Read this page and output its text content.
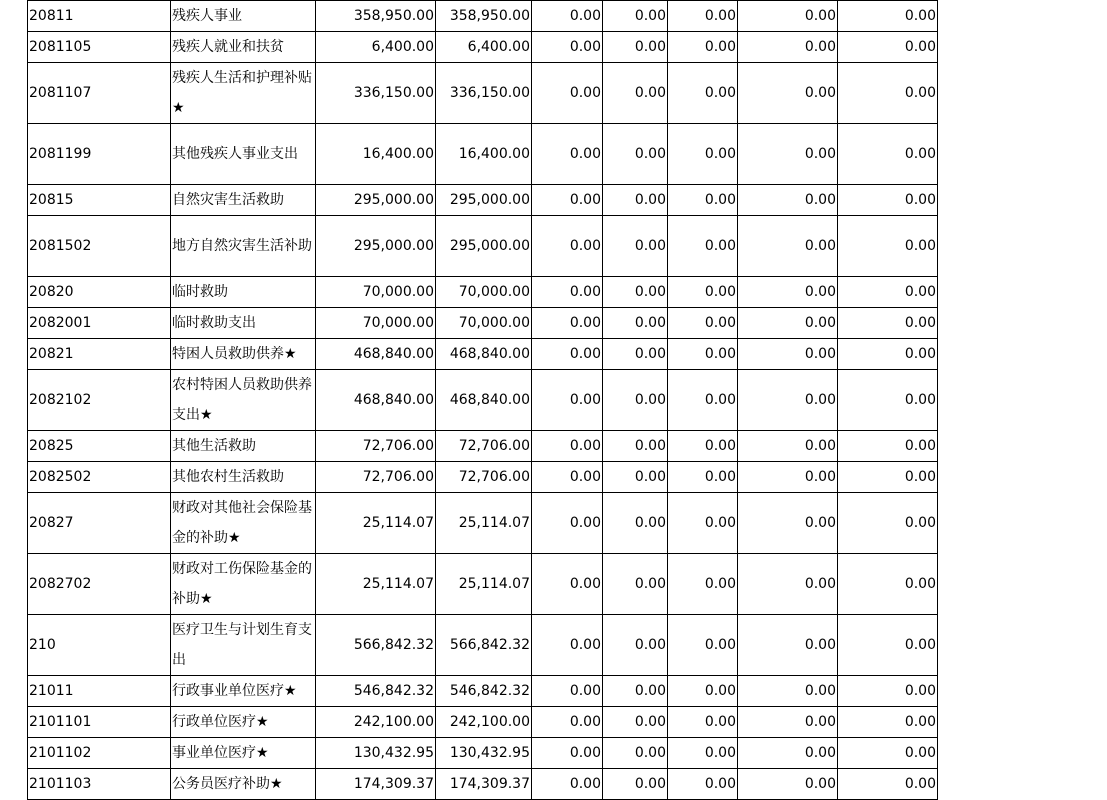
20811	残疾人事业	358,950.00	358,950.00	0.00	0.00	0.00	0.00	0.00
2081105	残疾人就业和扶贫	6,400.00	6,400.00	0.00	0.00	0.00	0.00	0.00
2081107	残疾人生活和护理补贴★	336,150.00	336,150.00	0.00	0.00	0.00	0.00	0.00
2081199	其他残疾人事业支出	16,400.00	16,400.00	0.00	0.00	0.00	0.00	0.00
20815	自然灾害生活救助	295,000.00	295,000.00	0.00	0.00	0.00	0.00	0.00
2081502	地方自然灾害生活补助	295,000.00	295,000.00	0.00	0.00	0.00	0.00	0.00
20820	临时救助	70,000.00	70,000.00	0.00	0.00	0.00	0.00	0.00
2082001	临时救助支出	70,000.00	70,000.00	0.00	0.00	0.00	0.00	0.00
20821	特困人员救助供养★	468,840.00	468,840.00	0.00	0.00	0.00	0.00	0.00
2082102	农村特困人员救助供养支出★	468,840.00	468,840.00	0.00	0.00	0.00	0.00	0.00
20825	其他生活救助	72,706.00	72,706.00	0.00	0.00	0.00	0.00	0.00
2082502	其他农村生活救助	72,706.00	72,706.00	0.00	0.00	0.00	0.00	0.00
20827	财政对其他社会保险基金的补助★	25,114.07	25,114.07	0.00	0.00	0.00	0.00	0.00
2082702	财政对工伤保险基金的补助★	25,114.07	25,114.07	0.00	0.00	0.00	0.00	0.00
210	医疗卫生与计划生育支出	566,842.32	566,842.32	0.00	0.00	0.00	0.00	0.00
21011	行政事业单位医疗★	546,842.32	546,842.32	0.00	0.00	0.00	0.00	0.00
2101101	行政单位医疗★	242,100.00	242,100.00	0.00	0.00	0.00	0.00	0.00
2101102	事业单位医疗★	130,432.95	130,432.95	0.00	0.00	0.00	0.00	0.00
2101103	公务员医疗补助★	174,309.37	174,309.37	0.00	0.00	0.00	0.00	0.00
